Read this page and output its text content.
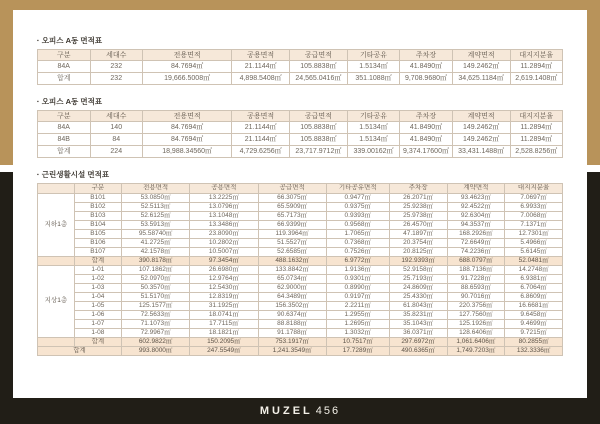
▪ 오피스 A동 면적표
구분	세대수	전용면적	공용면적	공급면적	기타공유	주차장	계약면적	대지지분율
84A	232	84.7694㎡	21.1144㎡	105.8838㎡	1.5134㎡	41.8490㎡	149.2462㎡	11.2894㎡
합계	232	19,666.5008㎡	4,898.5408㎡	24,565.0416㎡	351.1088㎡	9,708.9680㎡	34,625.1184㎡	2,619.1408㎡
▪ 오피스 A동 면적표
구분	세대수	전용면적	공용면적	공급면적	기타공유	주차장	계약면적	대지지분율
84A	140	84.7694㎡	21.1144㎡	105.8838㎡	1.5134㎡	41.8490㎡	149.2462㎡	11.2894㎡
84B	84	84.7694㎡	21.1144㎡	105.8838㎡	1.5134㎡	41.8490㎡	149.2462㎡	11.2894㎡
합계	224	18,988.34560㎡	4,729.6256㎡	23,717.9712㎡	339.00162㎡	9,374.17600㎡	33,431.1488㎡	2,528.8256㎡
▪ 근린생활시설 면적표
	구분	전용면적	공용면적	공급면적	기타공유면적	주차장	계약면적	대지지분율
지하1층	B101	53.0850㎡	13.2225㎡	66.3075㎡	0.9477㎡	26.2071㎡	93.4623㎡	7.0697㎡
	B102	52.5113㎡	13.0796㎡	65.5909㎡	0.9375㎡	25.9238㎡	92.4522㎡	6.9933㎡
	B103	52.6125㎡	13.1048㎡	65.7173㎡	0.9393㎡	25.9738㎡	92.6304㎡	7.0068㎡
	B104	53.5913㎡	13.3486㎡	66.9399㎡	0.9568㎡	26.4570㎡	94.3537㎡	7.1371㎡
	B105	95.58740㎡	23.8090㎡	119.3964㎡	1.7065㎡	47.1897㎡	168.2926㎡	12.7301㎡
	B106	41.2725㎡	10.2802㎡	51.5527㎡	0.7368㎡	20.3754㎡	72.6649㎡	5.4966㎡
	B107	42.1578㎡	10.5007㎡	52.6585㎡	0.7526㎡	20.8125㎡	74.2236㎡	5.6145㎡
	합계	390.8178㎡	97.3454㎡	488.1632㎡	6.9772㎡	192.9393㎡	688.0797㎡	52.0481㎡
지상1층	1-01	107.1862㎡	26.6980㎡	133.8842㎡	1.9136㎡	52.9158㎡	188.7136㎡	14.2748㎡
	1-02	52.0970㎡	12.9764㎡	65.0734㎡	0.9301㎡	25.7193㎡	91.7228㎡	6.9381㎡
	1-03	50.3570㎡	12.5430㎡	62.9000㎡	0.8990㎡	24.8609㎡	88.6593㎡	6.7064㎡
	1-04	51.5170㎡	12.8319㎡	64.3489㎡	0.9197㎡	25.4330㎡	90.7016㎡	6.8609㎡
	1-05	125.1577㎡	31.1925㎡	156.3502㎡	2.2211㎡	61.8043㎡	220.3756㎡	16.6681㎡
	1-06	72.5633㎡	18.0741㎡	90.6374㎡	1.2955㎡	35.8231㎡	127.7560㎡	9.6458㎡
	1-07	71.1073㎡	17.7115㎡	88.8188㎡	1.2695㎡	35.1043㎡	125.1926㎡	9.4699㎡
	1-08	72.9967㎡	18.1821㎡	91.1788㎡	1.3032㎡	36.0371㎡	128.6406㎡	9.7215㎡
	합계	602.9822㎡	150.2095㎡	753.1917㎡	10.7517㎡	297.6972㎡	1,061.6406㎡	80.2855㎡
합계		993.8000㎡	247.5549㎡	1,241.3549㎡	17.7289㎡	490.6365㎡	1,749.7203㎡	132.3336㎡
MUZEL 456
